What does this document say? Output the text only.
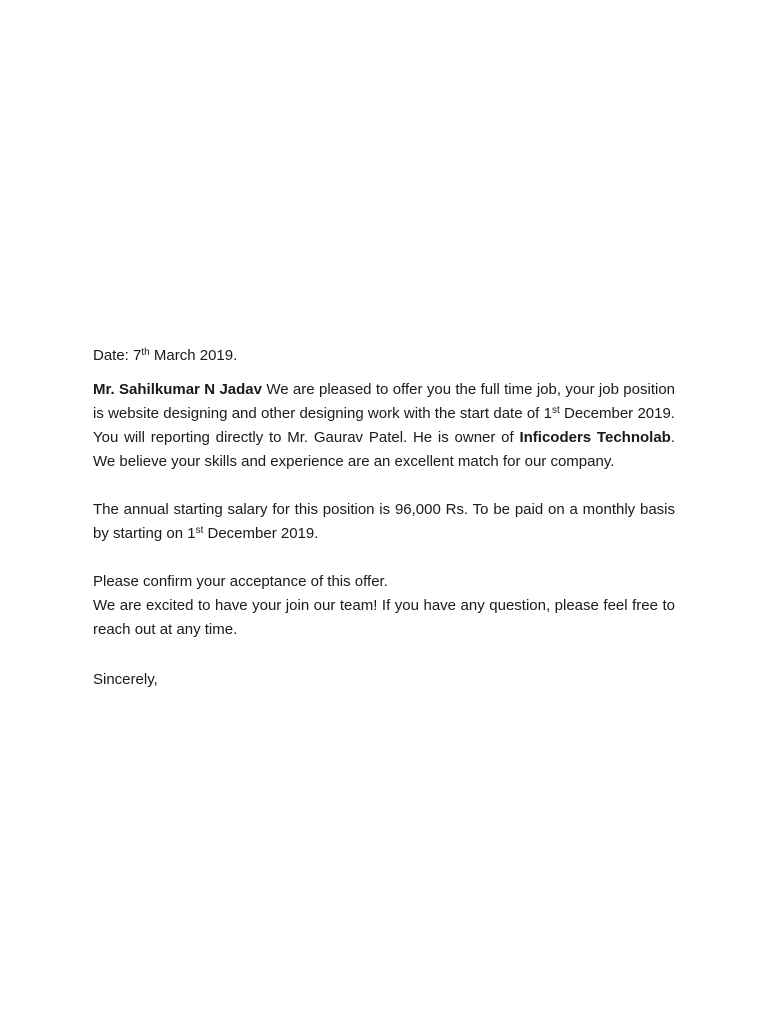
Date: 7th March 2019.

Mr. Sahilkumar N Jadav We are pleased to offer you the full time job, your job position is website designing and other designing work with the start date of 1st December 2019. You will reporting directly to Mr. Gaurav Patel. He is owner of Inficoders Technolab. We believe your skills and experience are an excellent match for our company.

The annual starting salary for this position is 96,000 Rs. To be paid on a monthly basis by starting on 1st December 2019.

Please confirm your acceptance of this offer.

We are excited to have your join our team! If you have any question, please feel free to reach out at any time.

Sincerely,
